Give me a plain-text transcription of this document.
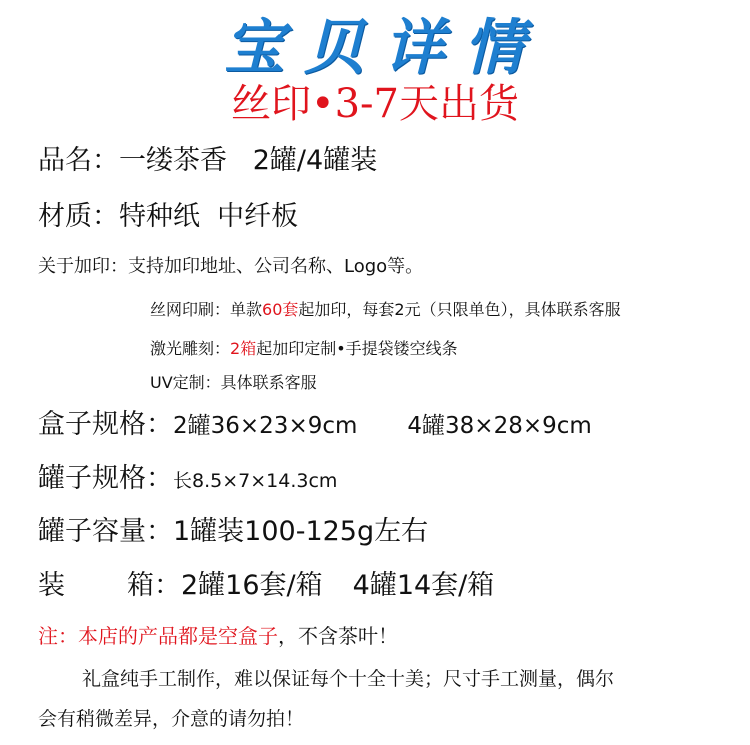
宝 贝 详 情
丝印•3-7天出货
品名：一缕茶香   2罐/4罐装
材质：特种纸  中纤板
关于加印：支持加印地址、公司名称、Logo等。
丝网印刷：单款60套起加印，每套2元（只限单色），具体联系客服
激光雕刻：2箱起加印定制•手提袋镂空线条
UV定制：具体联系客服
盒子规格：2罐36×23×9cm 4罐38×28×9cm
罐子规格：长8.5×7×14.3cm
罐子容量：1罐装100-125g左右
装 箱：2罐16套/箱 4罐14套/箱
注：本店的产品都是空盒子，不含茶叶！
礼盒纯手工制作，难以保证每个十全十美；尺寸手工测量，偶尔
会有稍微差异，介意的请勿拍！
